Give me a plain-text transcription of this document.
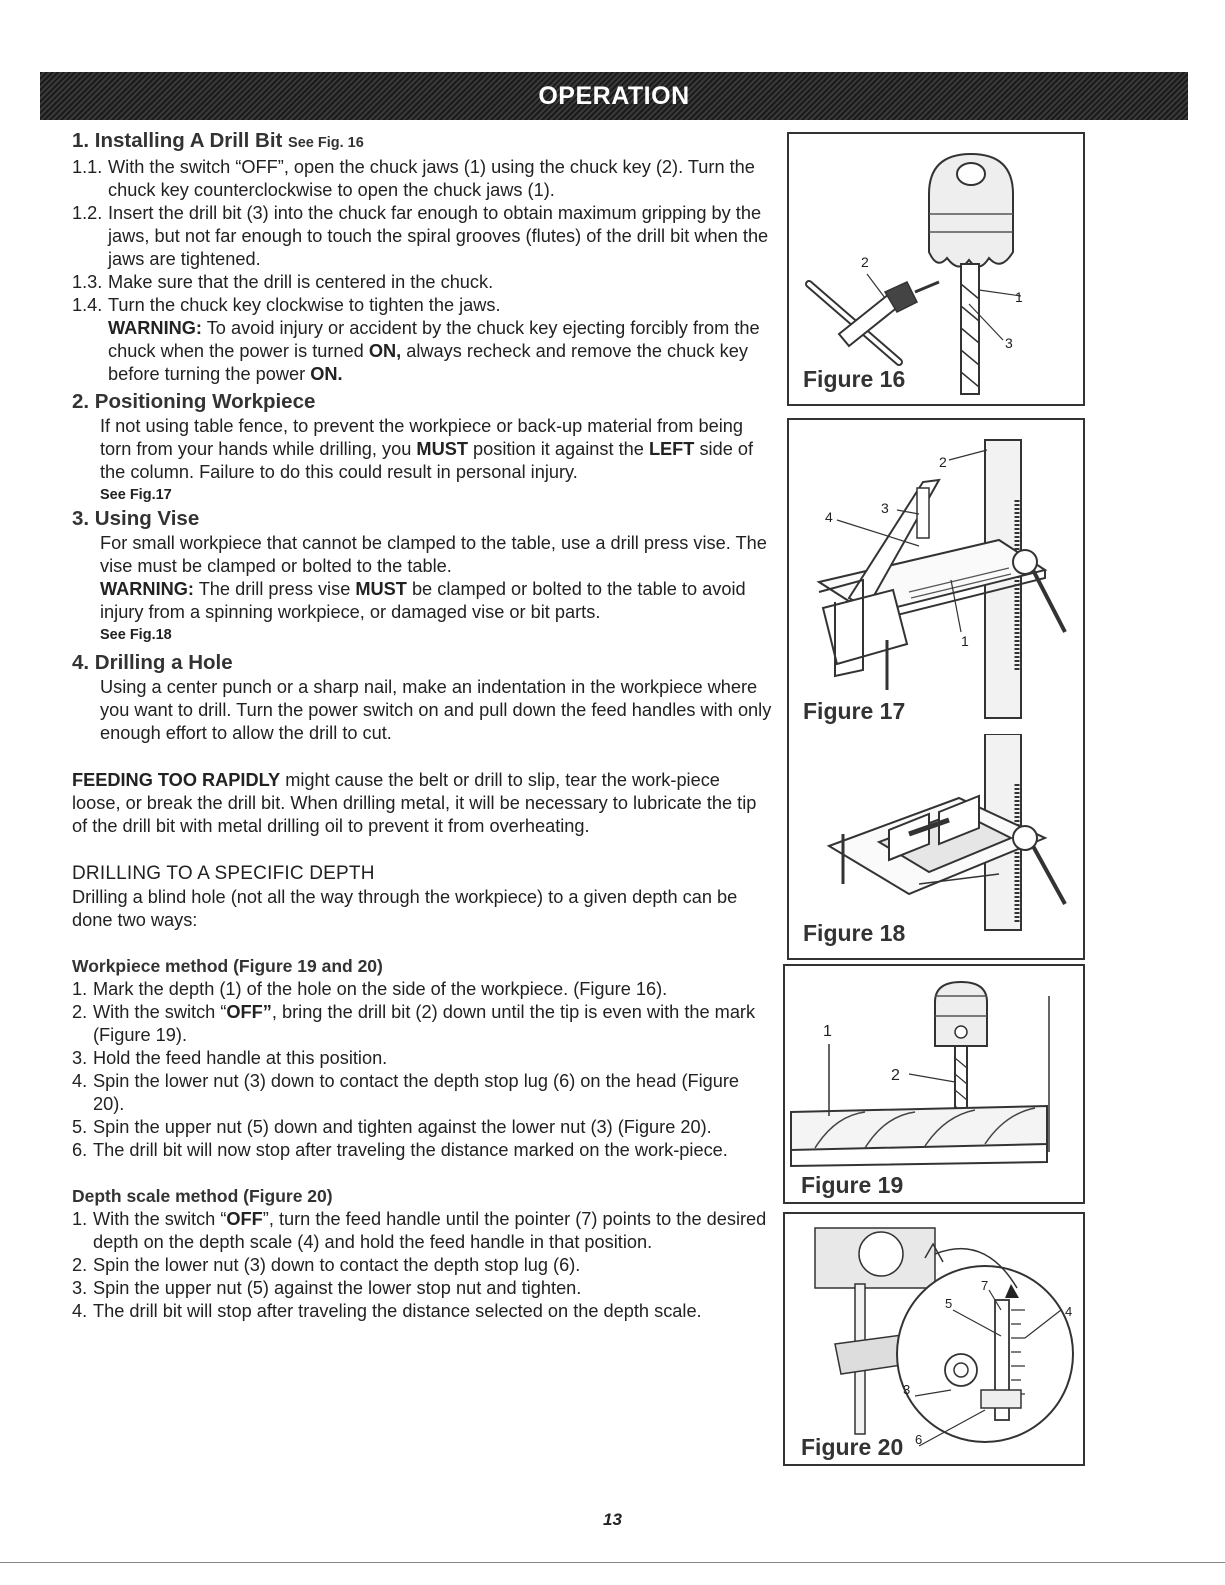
OPERATION
1. Installing A Drill Bit See Fig. 16
1.1. With the switch “OFF”, open the chuck jaws (1) using the chuck key (2). Turn the chuck key counterclockwise to open the chuck jaws (1).
1.2. Insert the drill bit (3) into the chuck far enough to obtain maximum gripping by the jaws, but not far enough to touch the spiral grooves (flutes) of the drill bit when the jaws are tightened.
1.3. Make sure that the drill is centered in the chuck.
1.4. Turn the chuck key clockwise to tighten the jaws.

WARNING: To avoid injury or accident by the chuck key ejecting forcibly from the chuck when the power is turned ON, always recheck and remove the chuck key before turning the power ON.

2. Positioning Workpiece

If not using table fence, to prevent the workpiece or back-up material from being torn from your hands while drilling, you MUST position it against the LEFT side of the column. Failure to do this could result in personal injury.

See Fig.17

3. Using Vise

For small workpiece that cannot be clamped to the table, use a drill press vise. The vise must be clamped or bolted to the table.

WARNING: The drill press vise MUST be clamped or bolted to the table to avoid injury from a spinning workpiece, or damaged vise or bit parts.

See Fig.18

4. Drilling a Hole

Using a center punch or a sharp nail, make an indentation in the workpiece where you want to drill. Turn the power switch on and pull down the feed handles with only enough effort to allow the drill to cut.

FEEDING TOO RAPIDLY might cause the belt or drill to slip, tear the work-piece loose, or break the drill bit. When drilling metal, it will be necessary to lubricate the tip of the drill bit with metal drilling oil to prevent it from overheating.

DRILLING TO A SPECIFIC DEPTH

Drilling a blind hole (not all the way through the workpiece) to a given depth can be done two ways:

Workpiece method (Figure 19 and 20)
1. Mark the depth (1) of the hole on the side of the workpiece. (Figure 16).
2. With the switch “OFF”, bring the drill bit (2) down until the tip is even with the mark (Figure 19).
3. Hold the feed handle at this position.
4. Spin the lower nut (3) down to contact the depth stop lug (6) on the head (Figure 20).
5. Spin the upper nut (5) down and tighten against the lower nut (3) (Figure 20).
6. The drill bit will now stop after traveling the distance marked on the work-piece.
Depth scale method (Figure 20)
1. With the switch “OFF”, turn the feed handle until the pointer (7) points to the desired depth on the depth scale (4) and hold the feed handle in that position.
2. Spin the lower nut (3) down to contact the depth stop lug (6).
3. Spin the upper nut (5) against the lower stop nut and tighten.
4. The drill bit will stop after traveling the distance selected on the depth scale.
2
1
3
Figure 16
2
3
4
1
Figure 17
Figure 18
1
2
Figure 19
5
7
4
3
6
Figure 20
13
